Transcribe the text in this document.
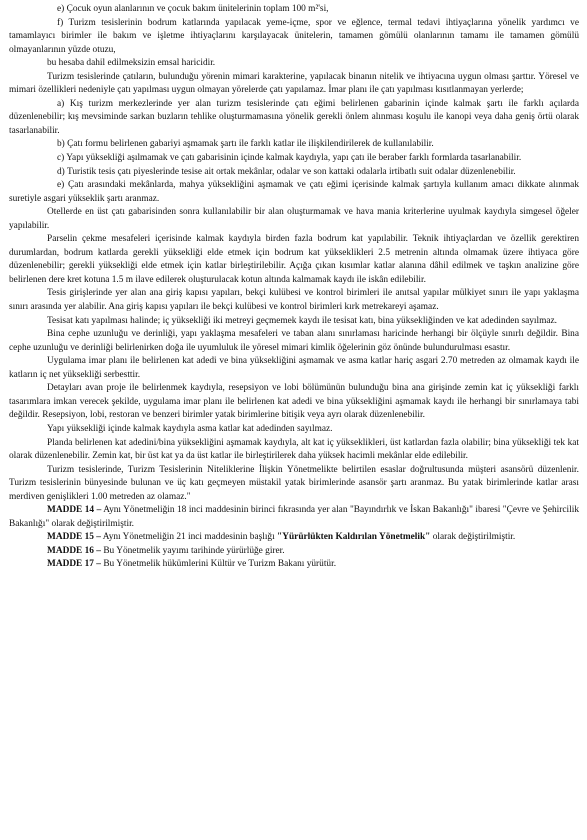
e) Çocuk oyun alanlarının ve çocuk bakım ünitelerinin toplam 100 m²'si,

f) Turizm tesislerinin bodrum katlarında yapılacak yeme-içme, spor ve eğlence, termal tedavi ihtiyaçlarına yönelik yardımcı ve tamamlayıcı birimler ile bakım ve işletme ihtiyaçlarını karşılayacak ünitelerin, tamamen gömülü olanlarının tamamı ile tamamen gömülü olmayanlarının yüzde otuzu,

bu hesaba dahil edilmeksizin emsal haricidir.

Turizm tesislerinde çatıların, bulunduğu yörenin mimari karakterine, yapılacak binanın nitelik ve ihtiyacına uygun olması şarttır. Yöresel ve mimari özellikleri nedeniyle çatı yapılması uygun olmayan yörelerde çatı yapılamaz. İmar planı ile çatı yapılması kısıtlanmayan yerlerde;

a) Kış turizm merkezlerinde yer alan turizm tesislerinde çatı eğimi belirlenen gabarinin içinde kalmak şartı ile farklı açılarda düzenlenebilir; kış mevsiminde sarkan buzların tehlike oluşturmamasına yönelik gerekli önlem alınması koşulu ile kanopi veya daha geniş örtü olarak tasarlanabilir.

b) Çatı formu belirlenen gabariyi aşmamak şartı ile farklı katlar ile ilişkilendirilerek de kullanılabilir.

c) Yapı yüksekliği aşılmamak ve çatı gabarisinin içinde kalmak kaydıyla, yapı çatı ile beraber farklı formlarda tasarlanabilir.

d) Turistik tesis çatı piyeslerinde tesise ait ortak mekânlar, odalar ve son kattaki odalarla irtibatlı suit odalar düzenlenebilir.

e) Çatı arasındaki mekânlarda, mahya yüksekliğini aşmamak ve çatı eğimi içerisinde kalmak şartıyla kullanım amacı dikkate alınmak suretiyle asgari yükseklik şartı aranmaz.

Otellerde en üst çatı gabarisinden sonra kullanılabilir bir alan oluşturmamak ve hava mania kriterlerine uyulmak kaydıyla simgesel öğeler yapılabilir.

Parselin çekme mesafeleri içerisinde kalmak kaydıyla birden fazla bodrum kat yapılabilir. Teknik ihtiyaçlardan ve özellik gerektiren durumlardan, bodrum katlarda gerekli yüksekliği elde etmek için bodrum kat yükseklikleri 2.5 metrenin altında olmamak üzere ihtiyaca göre düzenlenebilir; gerekli yüksekliği elde etmek için katlar birleştirilebilir. Açığa çıkan kısımlar katlar alanına dâhil edilmek ve taşkın analizine göre belirlenen dere kret kotuna 1.5 m ilave edilerek oluşturulacak kotun altında kalmamak kaydı ile iskân edilebilir.

Tesis girişlerinde yer alan ana giriş kapısı yapıları, bekçi kulübesi ve kontrol birimleri ile anıtsal yapılar mülkiyet sınırı ile yapı yaklaşma sınırı arasında yer alabilir. Ana giriş kapısı yapıları ile bekçi kulübesi ve kontrol birimleri kırk metrekareyi aşamaz.

Tesisat katı yapılması halinde; iç yüksekliği iki metreyi geçmemek kaydı ile tesisat katı, bina yüksekliğinden ve kat adedinden sayılmaz.

Bina cephe uzunluğu ve derinliği, yapı yaklaşma mesafeleri ve taban alanı sınırlaması haricinde herhangi bir ölçüyle sınırlı değildir. Bina cephe uzunluğu ve derinliği belirlenirken doğa ile uyumluluk ile yöresel mimari kimlik öğelerinin göz önünde bulundurulması esastır.

Uygulama imar planı ile belirlenen kat adedi ve bina yüksekliğini aşmamak ve asma katlar hariç asgari 2.70 metreden az olmamak kaydı ile katların iç net yüksekliği serbesttir.

Detayları avan proje ile belirlenmek kaydıyla, resepsiyon ve lobi bölümünün bulunduğu bina ana girişinde zemin kat iç yüksekliği farklı tasarımlara imkan verecek şekilde, uygulama imar planı ile belirlenen kat adedi ve bina yüksekliğini aşmamak kaydı ile herhangi bir sınırlamaya tabi değildir. Resepsiyon, lobi, restoran ve benzeri birimler yatak birimlerine bitişik veya ayrı olarak düzenlenebilir.

Yapı yüksekliği içinde kalmak kaydıyla asma katlar kat adedinden sayılmaz.

Planda belirlenen kat adedini/bina yüksekliğini aşmamak kaydıyla, alt kat iç yükseklikleri, üst katlardan fazla olabilir; bina yüksekliği tek kat olarak düzenlenebilir. Zemin kat, bir üst kat ya da üst katlar ile birleştirilerek daha yüksek hacimli mekânlar elde edilebilir.

Turizm tesislerinde, Turizm Tesislerinin Niteliklerine İlişkin Yönetmelikte belirtilen esaslar doğrultusunda müşteri asansörü düzenlenir. Turizm tesislerinin bünyesinde bulunan ve üç katı geçmeyen müstakil yatak birimlerinde asansör şartı aranmaz. Bu yatak birimlerinde katlar arası merdiven genişlikleri 1.00 metreden az olamaz."

MADDE 14 – Aynı Yönetmeliğin 18 inci maddesinin birinci fıkrasında yer alan "Bayındırlık ve İskan Bakanlığı" ibaresi "Çevre ve Şehircilik Bakanlığı" olarak değiştirilmiştir.

MADDE 15 – Aynı Yönetmeliğin 21 inci maddesinin başlığı "Yürürlükten Kaldırılan Yönetmelik" olarak değiştirilmiştir.

MADDE 16 – Bu Yönetmelik yayımı tarihinde yürürlüğe girer.

MADDE 17 – Bu Yönetmelik hükümlerini Kültür ve Turizm Bakanı yürütür.
